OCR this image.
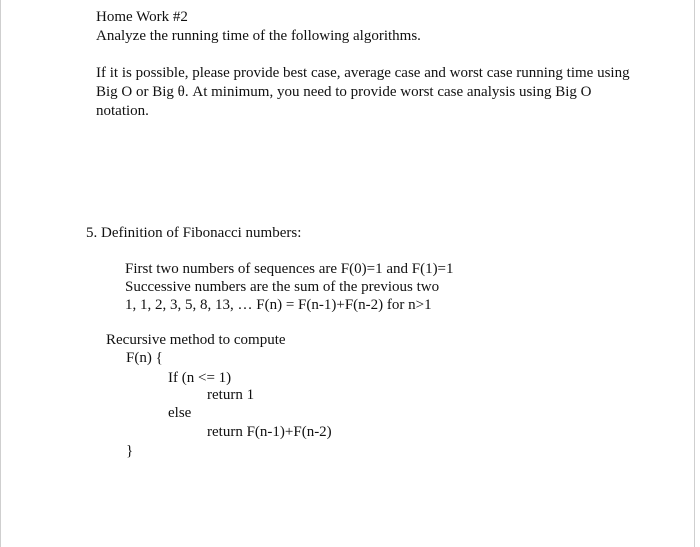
Home Work #2
Analyze the running time of the following algorithms.
If it is possible, please provide best case, average case and worst case running time using
Big O or Big θ. At minimum, you need to provide worst case analysis using Big O
notation.
5. Definition of Fibonacci numbers:
First two numbers of sequences are F(0)=1 and F(1)=1
Successive numbers are the sum of the previous two
1, 1, 2, 3, 5, 8, 13, … F(n) = F(n-1)+F(n-2) for n>1
Recursive method to compute
F(n) {
If (n <= 1)
return 1
else
return F(n-1)+F(n-2)
}
